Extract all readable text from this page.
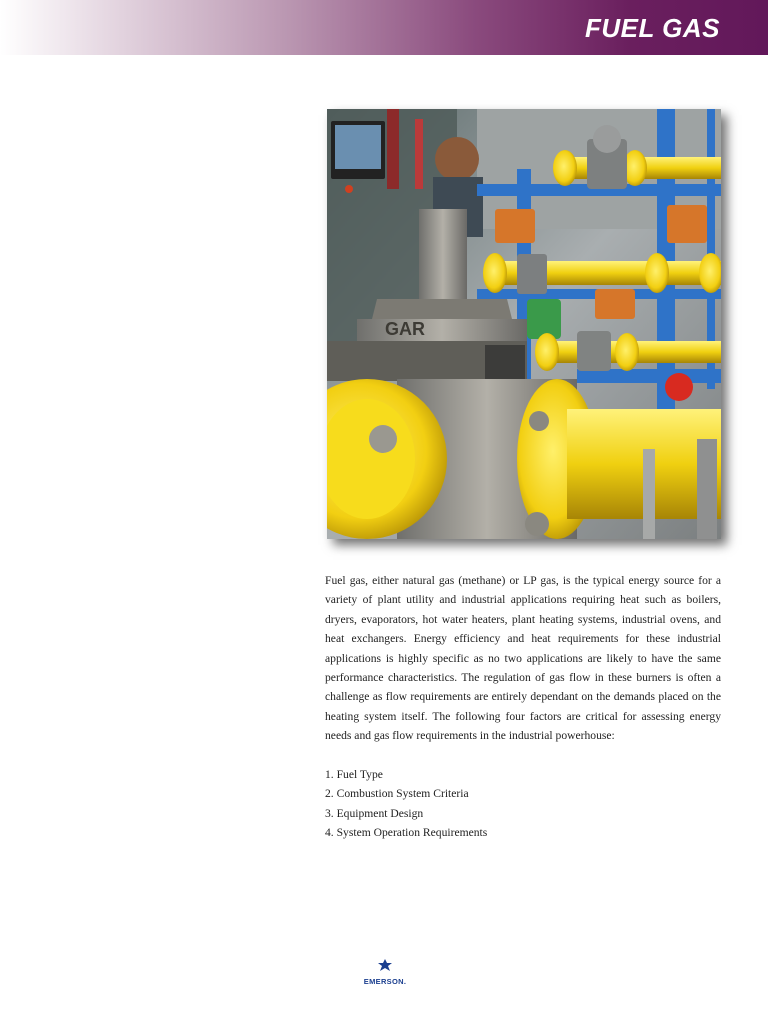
FUEL GAS
GAR

Fuel gas, either natural gas (methane) or LP gas, is the typical energy source for a variety of plant utility and industrial applications requiring heat such as boilers, dryers, evaporators, hot water heaters, plant heating systems, industrial ovens, and heat exchangers. Energy efficiency and heat requirements for these industrial applications is highly specific as no two applications are likely to have the same performance characteristics. The regulation of gas flow in these burners is often a challenge as flow requirements are entirely dependant on the demands placed on the heating system itself. The following four factors are critical for assessing energy needs and gas flow requirements in the industrial powerhouse:

1. Fuel Type
2. Combustion System Criteria
3. Equipment Design
4. System Operation Requirements
EMERSON.
